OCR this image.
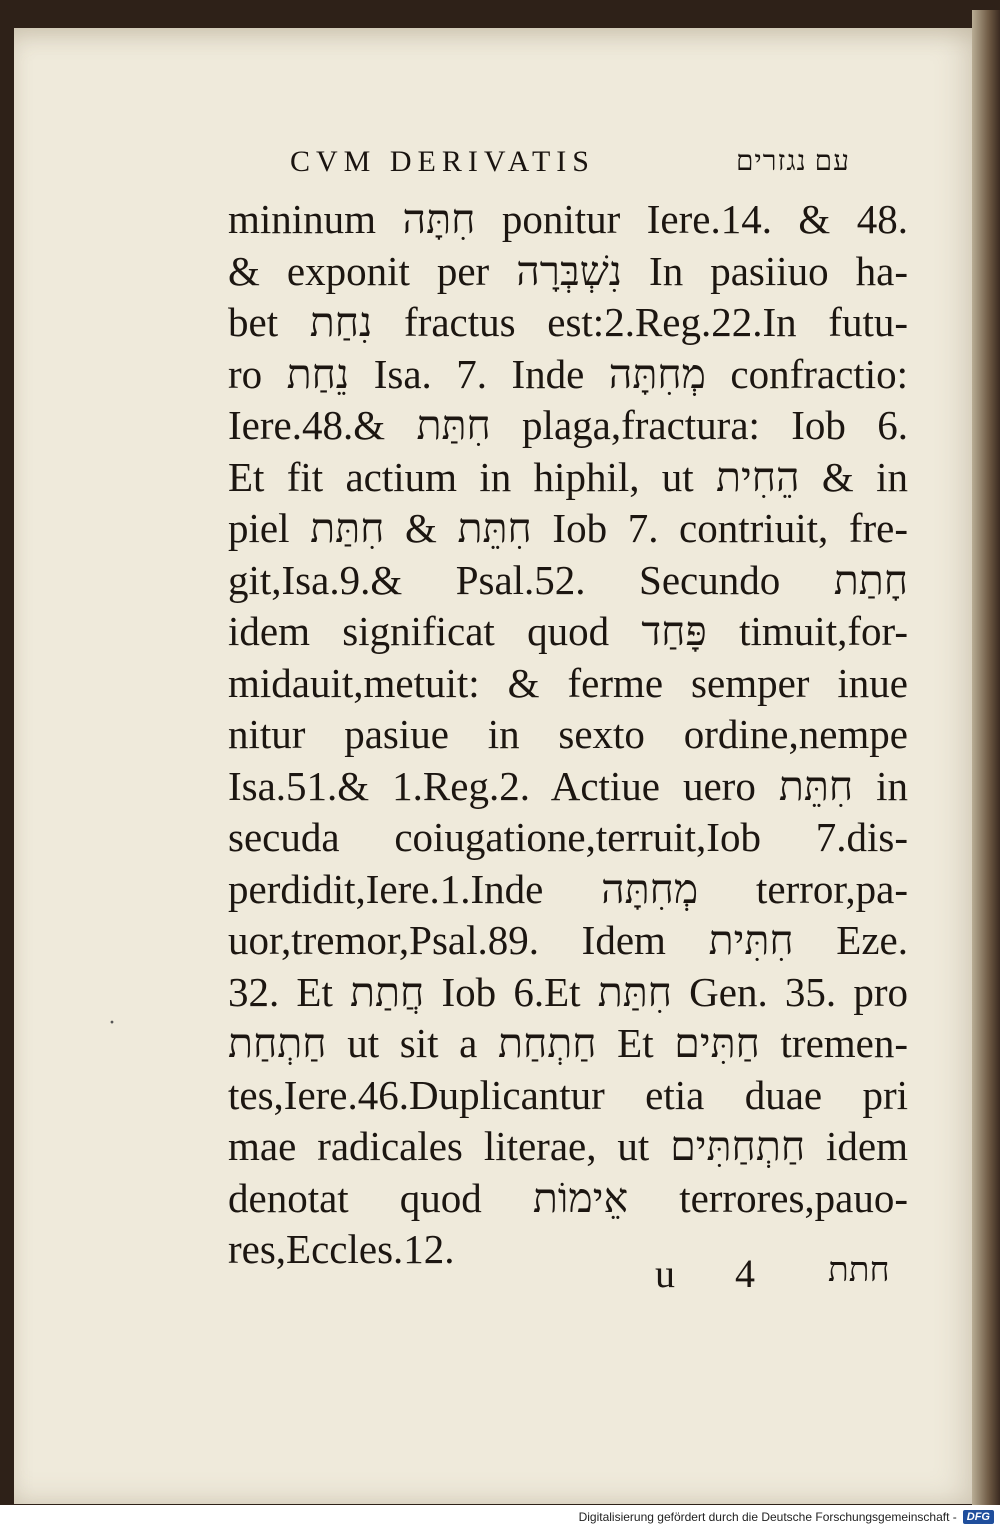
CVM DERIVATIS	עם נגזרים
mininum חִתָּה ponitur Iere.14. & 48.
& exponit per נִשְׁבְּרָה In pasiiuo ha-
bet נִחַת fractus est:2.Reg.22.In futu-
ro נֵחַת Isa. 7. Inde מְחִתָּה confractio:
Iere.48.& חִתַּת plaga,fractura: Iob 6.
Et fit actium in hiphil, ut הֵחִית & in
piel חִתֵּת & חִתַּת Iob 7. contriuit, fre-
git,Isa.9.& Psal.52. Secundo חָתַת
idem significat quod פָּחַד timuit,for-
midauit,metuit: & ferme semper inue
nitur pasiue in sexto ordine,nempe
Isa.51.& 1.Reg.2. Actiue uero חִתֵּת in
secuda coiugatione,terruit,Iob 7.dis-
perdidit,Iere.1.Inde מְחִתָּה terror,pa-
uor,tremor,Psal.89. Idem חִתִּית Eze.
32. Et חֲתַת Iob 6.Et חִתַּת Gen. 35. pro
חַתְחַת ut sit a חַתְחַת Et חַתִּים tremen-
tes,Iere.46.Duplicantur etia duae pri
mae radicales literae, ut חַתְחַתִּים idem
denotat quod אֵימוֹת terrores,pauo-
res,Eccles.12.
·
u 4 חתת
Digitalisierung gefördert durch die Deutsche Forschungsgemeinschaft - DFG
